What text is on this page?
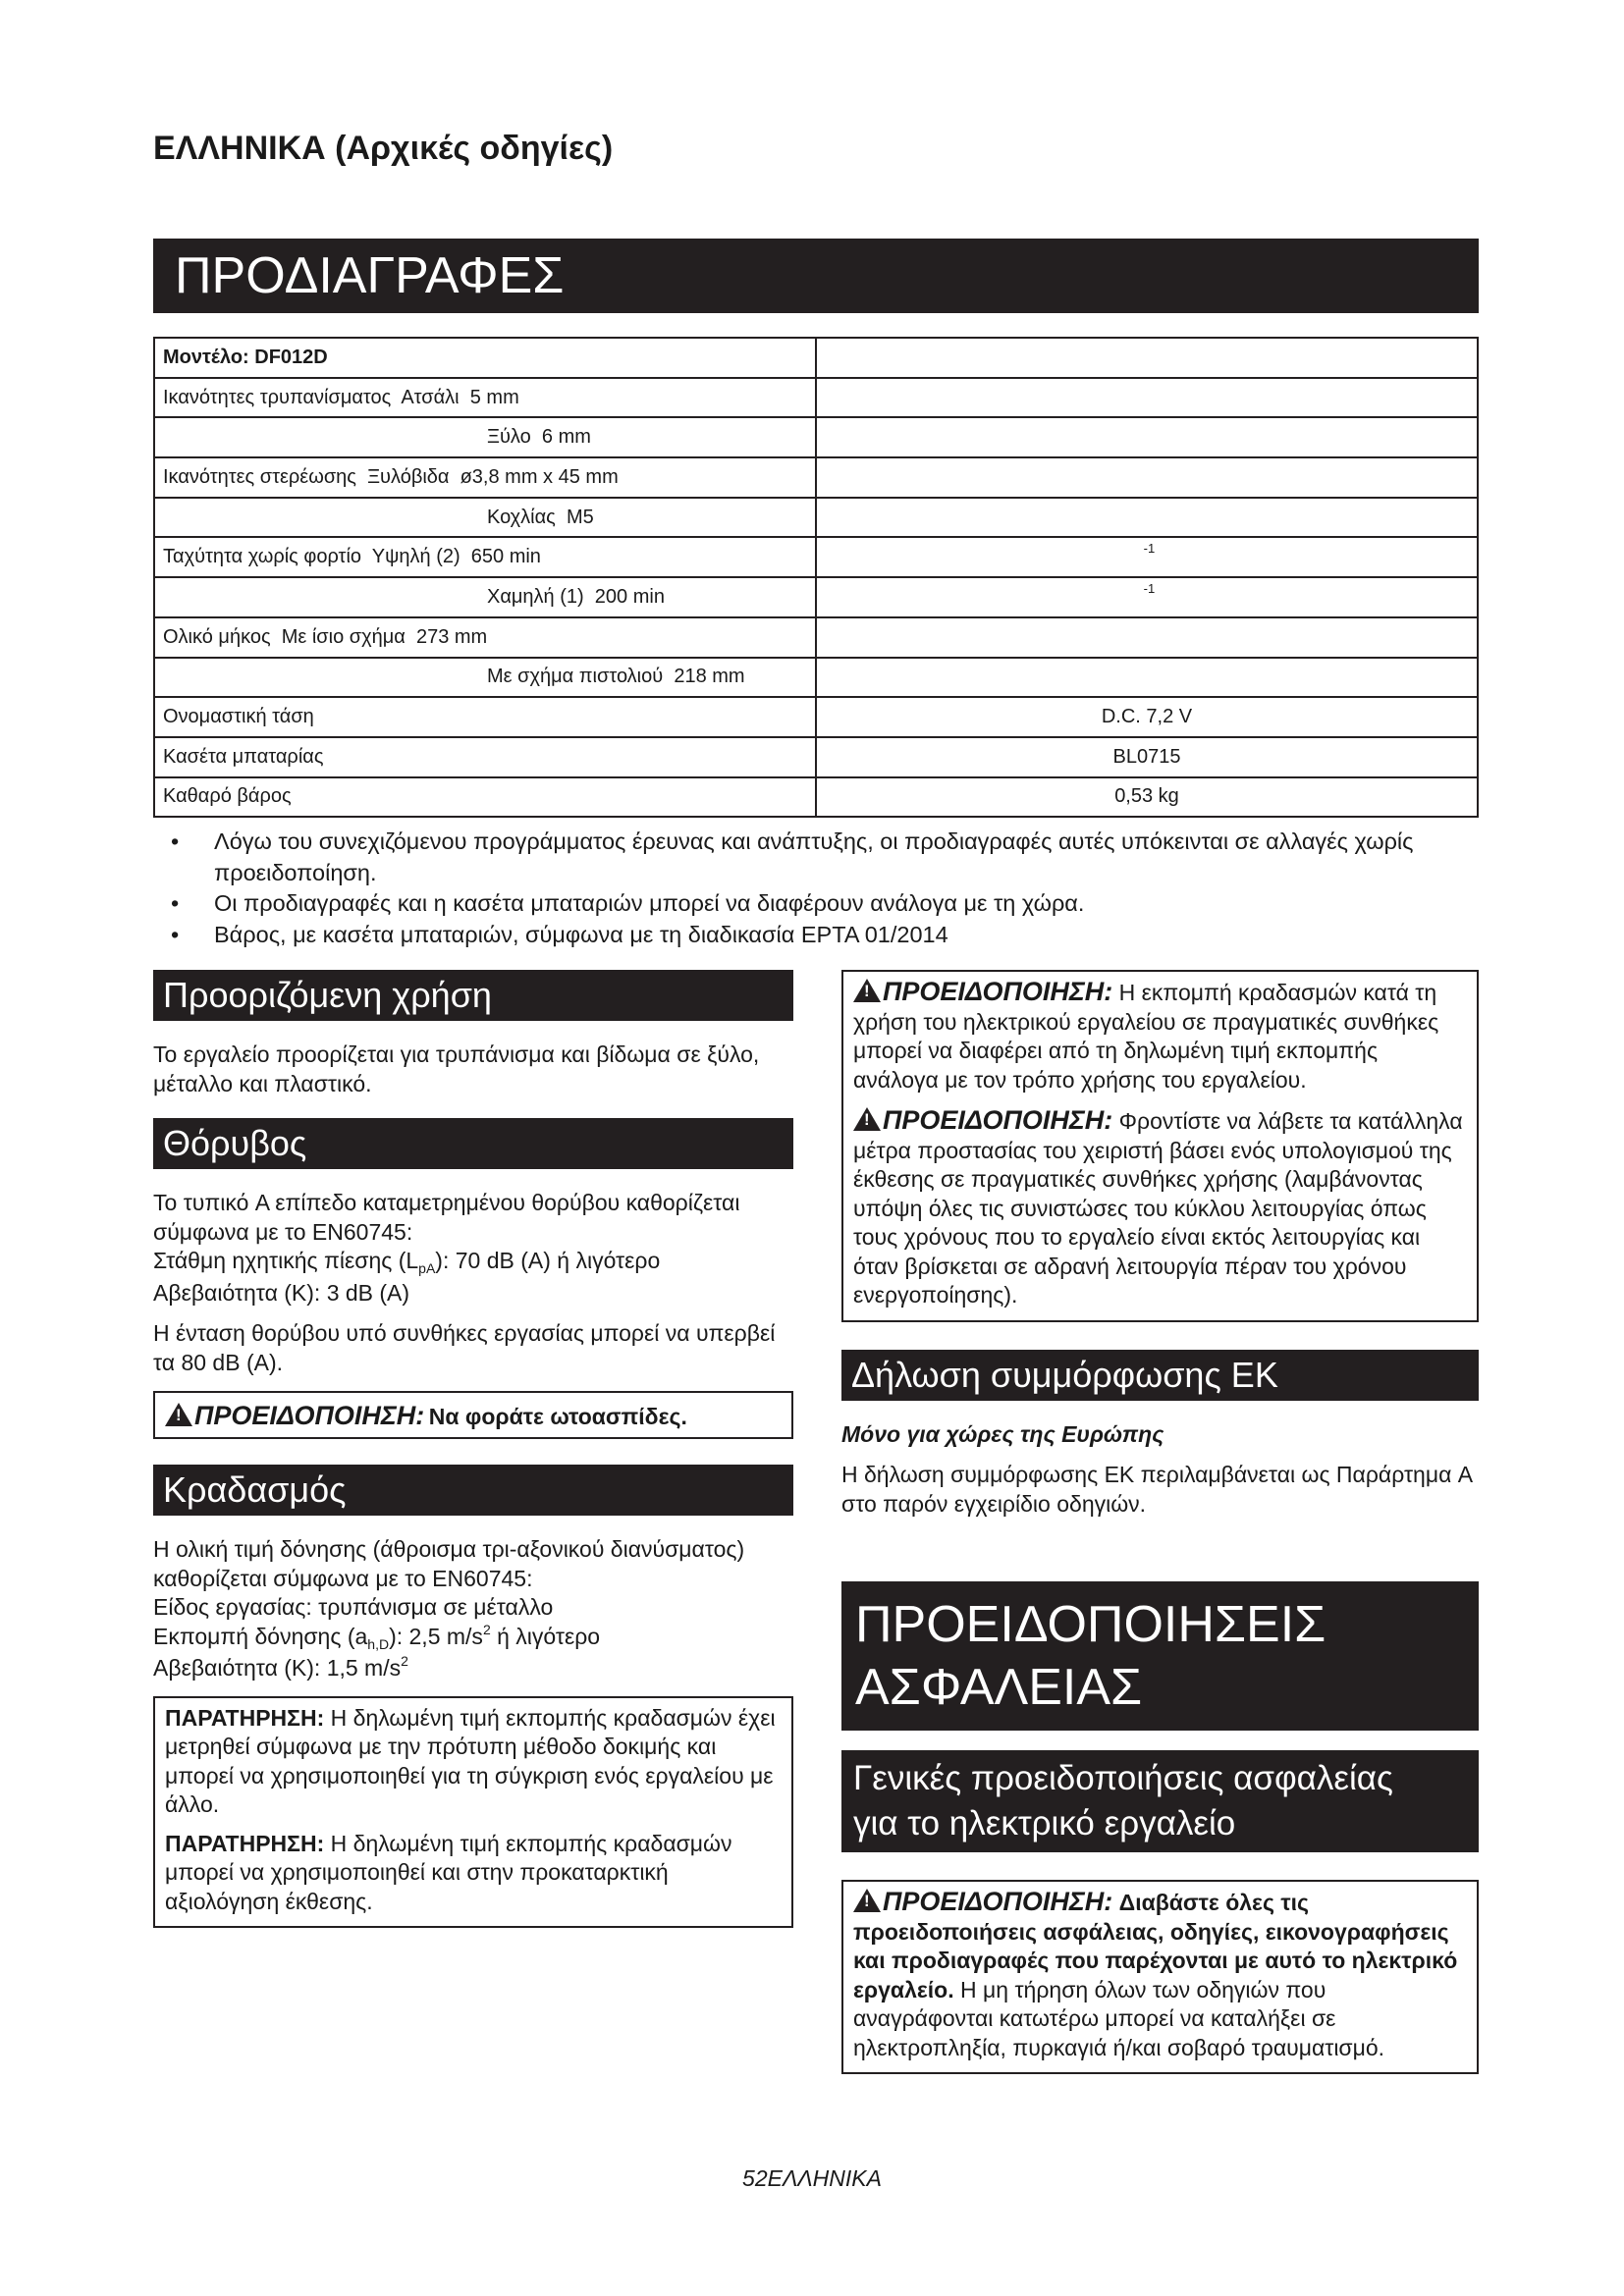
ΕΛΛΗΝΙΚΑ (Αρχικές οδηγίες)
ΠΡΟΔΙΑΓΡΑΦΕΣ
Μοντέλο: DF012D	
Ικανότητες τρυπανίσματος Ατσάλι 5 mm	
Ξύλο 6 mm	
Ικανότητες στερέωσης Ξυλόβιδα ø3,8 mm x 45 mm	
Κοχλίας M5	
Ταχύτητα χωρίς φορτίο Υψηλή (2) 650 min	-1

Χαμηλή (1) 200 min	-1

Ολικό μήκος Με ίσιο σχήμα 273 mm	
Με σχήμα πιστολιού 218 mm	
Ονομαστική τάση	D.C. 7,2 V
Κασέτα μπαταρίας	BL0715
Καθαρό βάρος	0,53 kg
• Λόγω του συνεχιζόμενου προγράμματος έρευνας και ανάπτυξης, οι προδιαγραφές αυτές υπόκεινται σε αλλαγές χωρίς προειδοποίηση.
• Οι προδιαγραφές και η κασέτα μπαταριών μπορεί να διαφέρουν ανάλογα με τη χώρα.
• Βάρος, με κασέτα μπαταριών, σύμφωνα με τη διαδικασία EPTA 01/2014
Προοριζόμενη χρήση
Το εργαλείο προορίζεται για τρυπάνισμα και βίδωμα σε ξύλο, μέταλλο και πλαστικό.
Θόρυβος
Το τυπικό A επίπεδο καταμετρημένου θορύβου καθορίζεται σύμφωνα με το EN60745:
Στάθμη ηχητικής πίεσης $(L_{pA})$: 70 dB (A) ή λιγότερο
Αβεβαιότητα (K): 3 dB (A)
Η ένταση θορύβου υπό συνθήκες εργασίας μπορεί να υπερβεί τα 80 dB (A).
!ΠΡΟΕΙΔΟΠΟΙΗΣΗ: Να φοράτε ωτοασπίδες.
Κραδασμός
Η ολική τιμή δόνησης (άθροισμα τρι-αξονικού διανύσματος) καθορίζεται σύμφωνα με το EN60745:
Είδος εργασίας: τρυπάνισμα σε μέταλλο
Εκπομπή δόνησης $(a_{h,D})$: 2,5 $m/s^2$ ή λιγότερο
Αβεβαιότητα (K): 1,5 $m/s^2$
ΠΑΡΑΤΗΡΗΣΗ: Η δηλωμένη τιμή εκπομπής κραδασμών έχει μετρηθεί σύμφωνα με την πρότυπη μέθοδο δοκιμής και μπορεί να χρησιμοποιηθεί για τη σύγκριση ενός εργαλείου με άλλο.
ΠΑΡΑΤΗΡΗΣΗ: Η δηλωμένη τιμή εκπομπής κραδασμών μπορεί να χρησιμοποιηθεί και στην προκαταρκτική αξιολόγηση έκθεσης.
!ΠΡΟΕΙΔΟΠΟΙΗΣΗ: Η εκπομπή κραδασμών κατά τη χρήση του ηλεκτρικού εργαλείου σε πραγματικές συνθήκες μπορεί να διαφέρει από τη δηλωμένη τιμή εκπομπής ανάλογα με τον τρόπο χρήσης του εργαλείου.
!ΠΡΟΕΙΔΟΠΟΙΗΣΗ: Φροντίστε να λάβετε τα κατάλληλα μέτρα προστασίας του χειριστή βάσει ενός υπολογισμού της έκθεσης σε πραγματικές συνθήκες χρήσης (λαμβάνοντας υπόψη όλες τις συνιστώσες του κύκλου λειτουργίας όπως τους χρόνους που το εργαλείο είναι εκτός λειτουργίας και όταν βρίσκεται σε αδρανή λειτουργία πέραν του χρόνου ενεργοποίησης).
Δήλωση συμμόρφωσης ΕΚ
Μόνο για χώρες της Ευρώπης
Η δήλωση συμμόρφωσης ΕΚ περιλαμβάνεται ως Παράρτημα A στο παρόν εγχειρίδιο οδηγιών.
ΠΡΟΕΙΔΟΠΟΙΗΣΕΙΣ
ΑΣΦΑΛΕΙΑΣ
Γενικές προειδοποιήσεις ασφαλείας
για το ηλεκτρικό εργαλείο
!ΠΡΟΕΙΔΟΠΟΙΗΣΗ: Διαβάστε όλες τις προειδοποιήσεις ασφάλειας, οδηγίες, εικονογραφήσεις και προδιαγραφές που παρέχονται με αυτό το ηλεκτρικό εργαλείο. Η μη τήρηση όλων των οδηγιών που αναγράφονται κατωτέρω μπορεί να καταλήξει σε ηλεκτροπληξία, πυρκαγιά ή/και σοβαρό τραυματισμό.
52ΕΛΛΗΝΙΚΑ
